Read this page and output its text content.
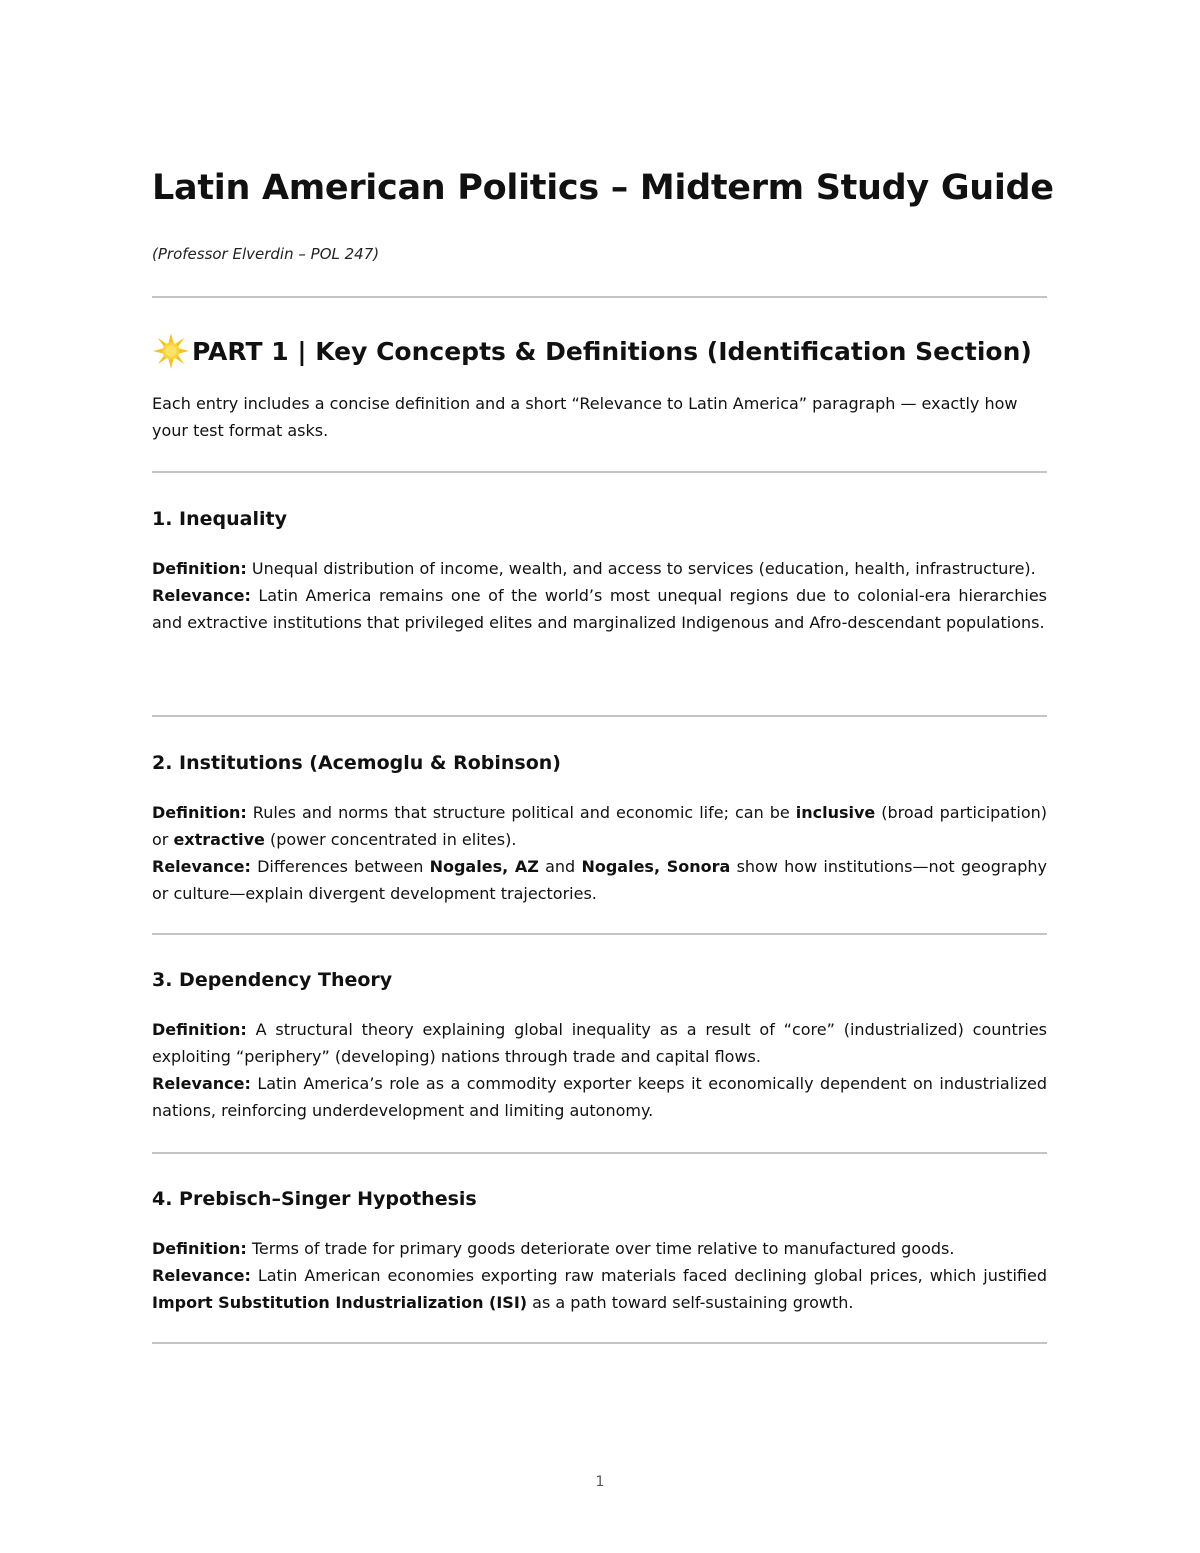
Latin American Politics – Midterm Study Guide

(Professor Elverdin – POL 247)

PART 1 | Key Concepts & Definitions (Identification Section)

Each entry includes a concise definition and a short “Relevance to Latin America” paragraph — exactly how your test format asks.

1. Inequality

Definition: Unequal distribution of income, wealth, and access to services (education, health, infrastructure).

Relevance: Latin America remains one of the world’s most unequal regions due to colonial-era hierarchies and extractive institutions that privileged elites and marginalized Indigenous and Afro-descendant populations.

2. Institutions (Acemoglu & Robinson)

Definition: Rules and norms that structure political and economic life; can be inclusive (broad participation) or extractive (power concentrated in elites).

Relevance: Differences between Nogales, AZ and Nogales, Sonora show how institutions—not geography or culture—explain divergent development trajectories.

3. Dependency Theory

Definition: A structural theory explaining global inequality as a result of “core” (industrialized) countries exploiting “periphery” (developing) nations through trade and capital flows.

Relevance: Latin America’s role as a commodity exporter keeps it economically dependent on industrialized nations, reinforcing underdevelopment and limiting autonomy.

4. Prebisch–Singer Hypothesis

Definition: Terms of trade for primary goods deteriorate over time relative to manufactured goods.

Relevance: Latin American economies exporting raw materials faced declining global prices, which justified Import Substitution Industrialization (ISI) as a path toward self-sustaining growth.

1
